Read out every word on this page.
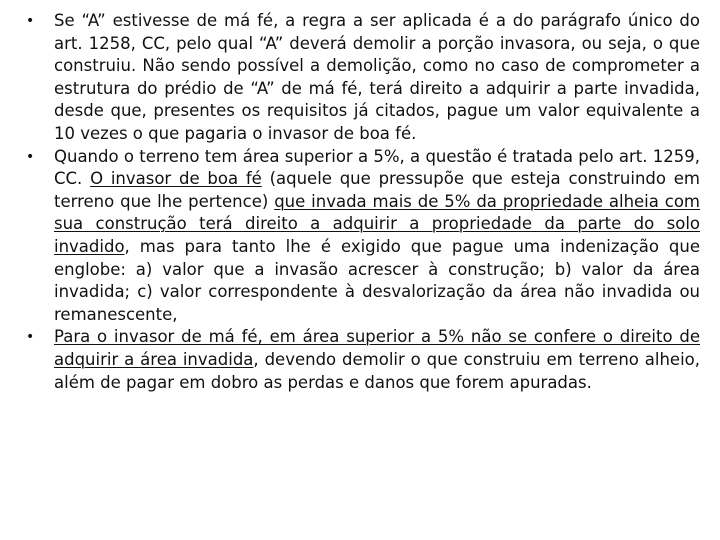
• Se “A” estivesse de má fé, a regra a ser aplicada é a do parágrafo único do art. 1258, CC, pelo qual “A” deverá demolir a porção invasora, ou seja, o que construiu. Não sendo possível a demolição, como no caso de comprometer a estrutura do prédio de “A” de má fé, terá direito a adquirir a parte invadida, desde que, presentes os requisitos já citados, pague um valor equivalente a 10 vezes o que pagaria o invasor de boa fé.
• Quando o terreno tem área superior a 5%, a questão é tratada pelo art. 1259, CC. O invasor de boa fé (aquele que pressupõe que esteja construindo em terreno que lhe pertence) que invada mais de 5% da propriedade alheia com sua construção terá direito a adquirir a propriedade da parte do solo invadido, mas para tanto lhe é exigido que pague uma indenização que englobe: a) valor que a invasão acrescer à construção; b) valor da área invadida; c) valor correspondente à desvalorização da área não invadida ou remanescente,
• Para o invasor de má fé, em área superior a 5% não se confere o direito de adquirir a área invadida, devendo demolir o que construiu em terreno alheio, além de pagar em dobro as perdas e danos que forem apuradas.
